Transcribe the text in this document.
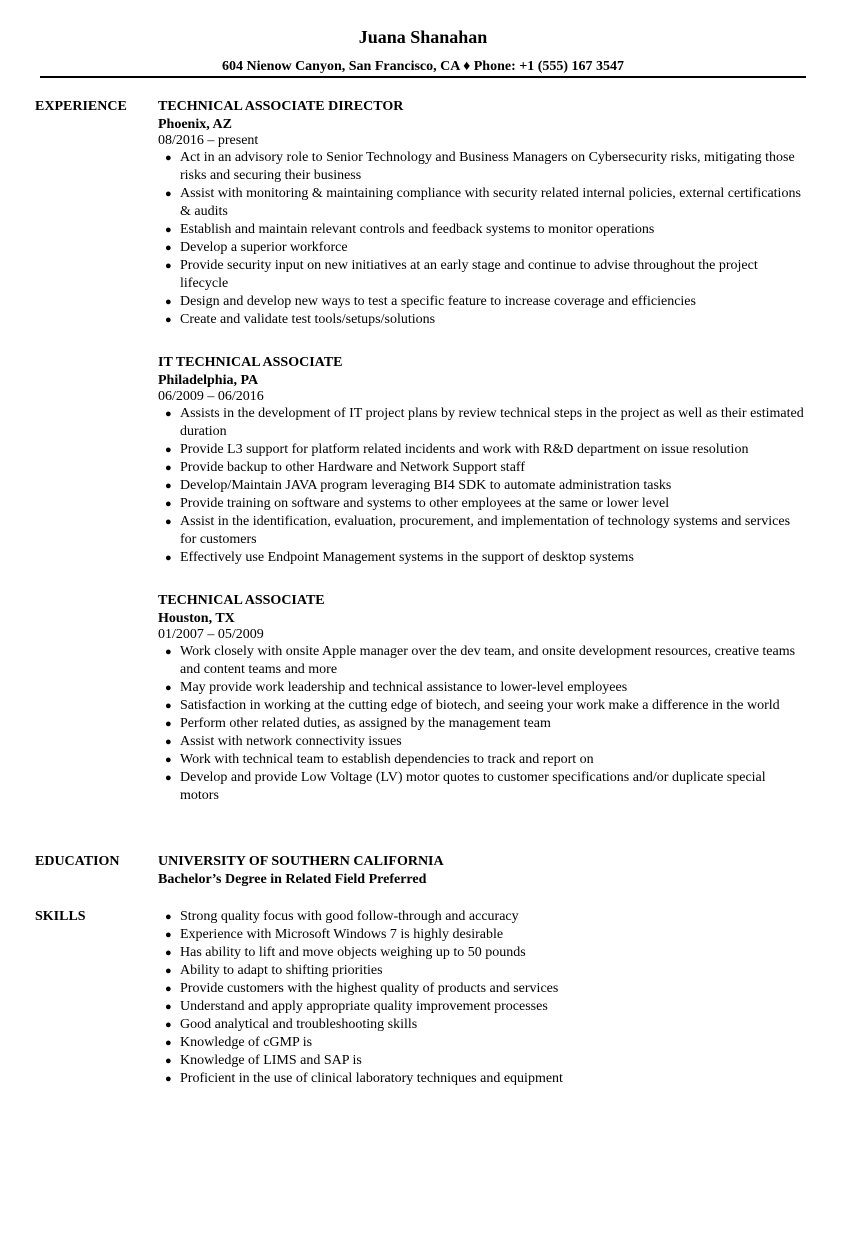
Juana Shanahan
604 Nienow Canyon, San Francisco, CA ♦ Phone: +1 (555) 167 3547
EXPERIENCE TECHNICAL ASSOCIATE DIRECTOR
Phoenix, AZ
08/2016 – present
● Act in an advisory role to Senior Technology and Business Managers on Cybersecurity risks, mitigating those risks and securing their business
● Assist with monitoring & maintaining compliance with security related internal policies, external certifications & audits
● Establish and maintain relevant controls and feedback systems to monitor operations
● Develop a superior workforce
● Provide security input on new initiatives at an early stage and continue to advise throughout the project lifecycle
● Design and develop new ways to test a specific feature to increase coverage and efficiencies
● Create and validate test tools/setups/solutions
IT TECHNICAL ASSOCIATE
Philadelphia, PA
06/2009 – 06/2016
● Assists in the development of IT project plans by review technical steps in the project as well as their estimated duration
● Provide L3 support for platform related incidents and work with R&D department on issue resolution
● Provide backup to other Hardware and Network Support staff
● Develop/Maintain JAVA program leveraging BI4 SDK to automate administration tasks
● Provide training on software and systems to other employees at the same or lower level
● Assist in the identification, evaluation, procurement, and implementation of technology systems and services for customers
● Effectively use Endpoint Management systems in the support of desktop systems
TECHNICAL ASSOCIATE
Houston, TX
01/2007 – 05/2009
● Work closely with onsite Apple manager over the dev team, and onsite development resources, creative teams and content teams and more
● May provide work leadership and technical assistance to lower-level employees
● Satisfaction in working at the cutting edge of biotech, and seeing your work make a difference in the world
● Perform other related duties, as assigned by the management team
● Assist with network connectivity issues
● Work with technical team to establish dependencies to track and report on
● Develop and provide Low Voltage (LV) motor quotes to customer specifications and/or duplicate special motors
EDUCATION	UNIVERSITY OF SOUTHERN CALIFORNIA
Bachelor’s Degree in Related Field Preferred
SKILLS	● Strong quality focus with good follow-through and accuracy
● Experience with Microsoft Windows 7 is highly desirable
● Has ability to lift and move objects weighing up to 50 pounds
● Ability to adapt to shifting priorities
● Provide customers with the highest quality of products and services
● Understand and apply appropriate quality improvement processes
● Good analytical and troubleshooting skills
● Knowledge of cGMP is
● Knowledge of LIMS and SAP is
● Proficient in the use of clinical laboratory techniques and equipment
